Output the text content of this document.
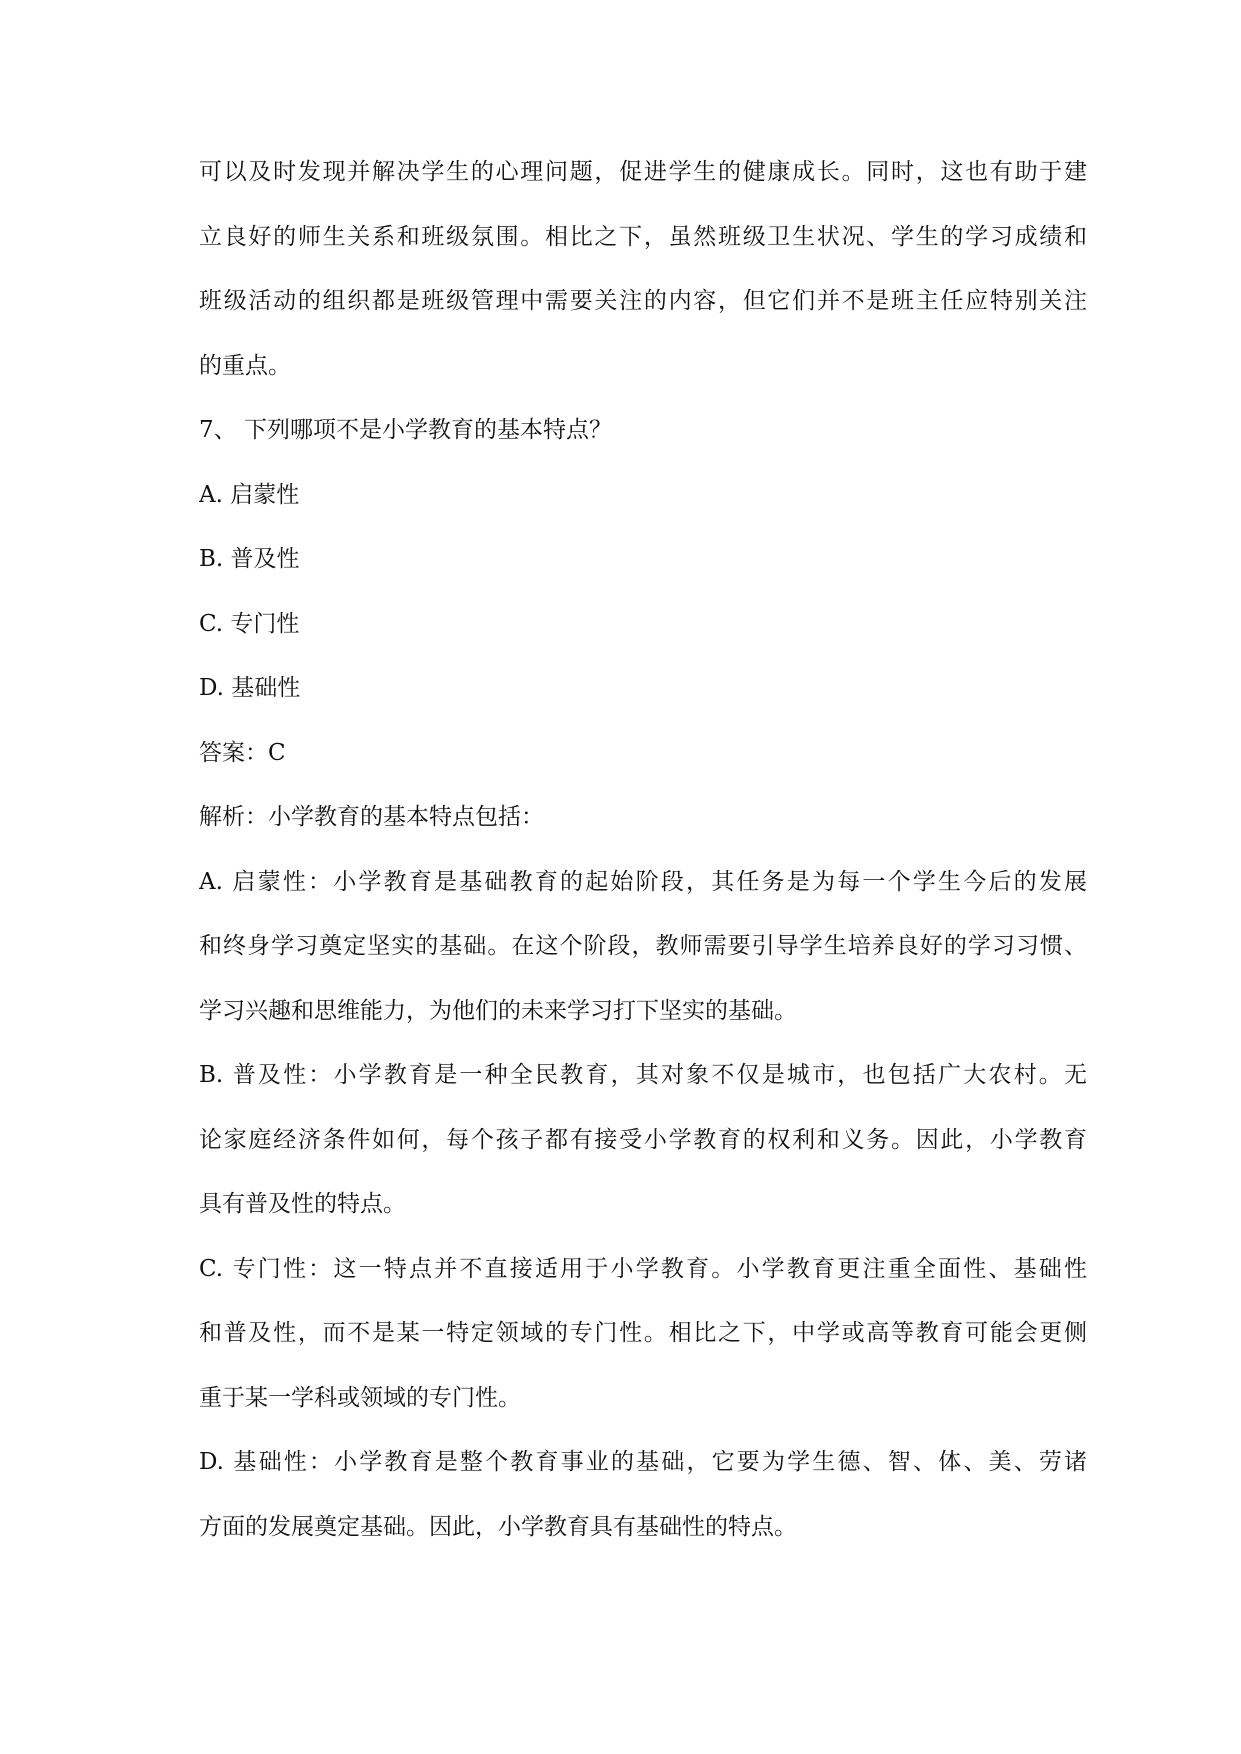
可以及时发现并解决学生的心理问题，促进学生的健康成长。同时，这也有助于建
立良好的师生关系和班级氛围。相比之下，虽然班级卫生状况、学生的学习成绩和
班级活动的组织都是班级管理中需要关注的内容，但它们并不是班主任应特别关注
的重点。
7、 下列哪项不是小学教育的基本特点？
A. 启蒙性
B. 普及性
C. 专门性
D. 基础性
答案：C
解析：小学教育的基本特点包括：
A. 启蒙性：小学教育是基础教育的起始阶段，其任务是为每一个学生今后的发展
和终身学习奠定坚实的基础。在这个阶段，教师需要引导学生培养良好的学习习惯、
学习兴趣和思维能力，为他们的未来学习打下坚实的基础。
B. 普及性：小学教育是一种全民教育，其对象不仅是城市，也包括广大农村。无
论家庭经济条件如何，每个孩子都有接受小学教育的权利和义务。因此，小学教育
具有普及性的特点。
C. 专门性：这一特点并不直接适用于小学教育。小学教育更注重全面性、基础性
和普及性，而不是某一特定领域的专门性。相比之下，中学或高等教育可能会更侧
重于某一学科或领域的专门性。
D. 基础性：小学教育是整个教育事业的基础，它要为学生德、智、体、美、劳诸
方面的发展奠定基础。因此，小学教育具有基础性的特点。
